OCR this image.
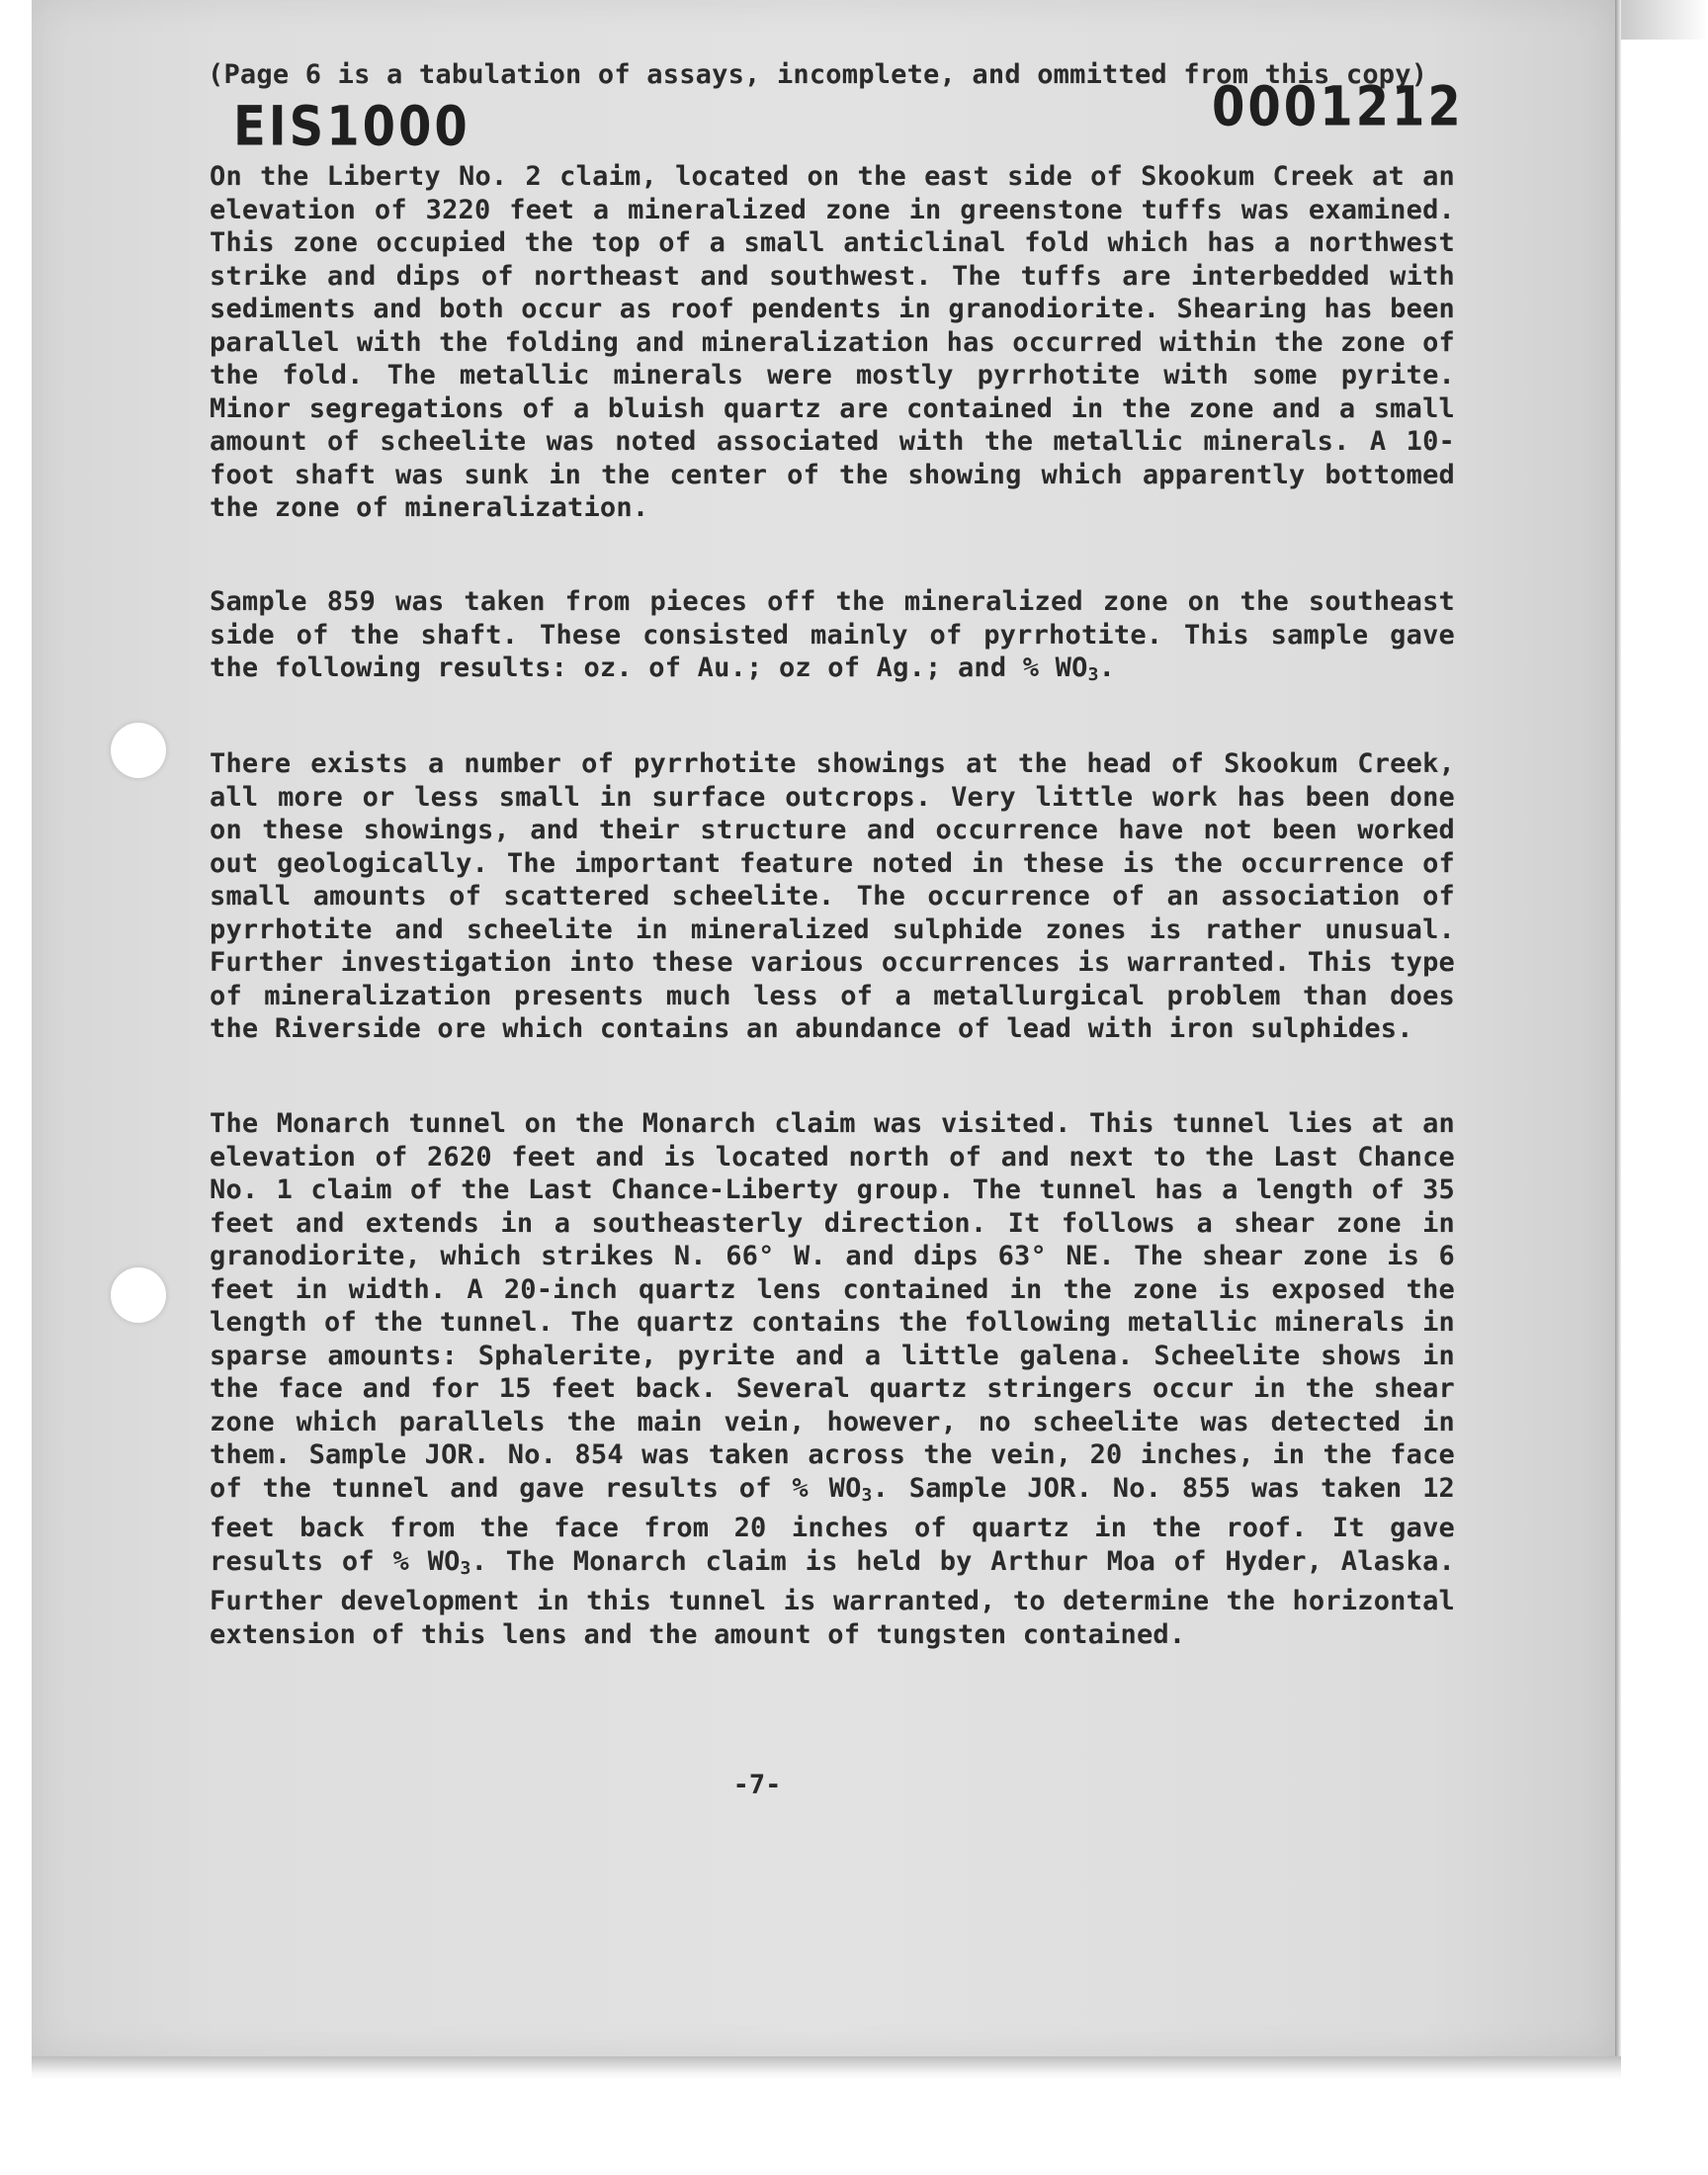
(Page 6 is a tabulation of assays, incomplete, and ommitted from this copy)
EIS1000	0001212

On the Liberty No. 2 claim, located on the east side of Skookum Creek at an elevation of 3220 feet a mineralized zone in greenstone tuffs was examined. This zone occupied the top of a small anticlinal fold which has a northwest strike and dips of northeast and southwest. The tuffs are interbedded with sediments and both occur as roof pendents in granodiorite. Shearing has been parallel with the folding and mineralization has occurred within the zone of the fold. The metallic minerals were mostly pyrrhotite with some pyrite. Minor segregations of a bluish quartz are contained in the zone and a small amount of scheelite was noted associated with the metallic minerals. A 10-foot shaft was sunk in the center of the showing which apparently bottomed the zone of mineralization.

Sample 859 was taken from pieces off the mineralized zone on the southeast side of the shaft. These consisted mainly of pyrrhotite. This sample gave the following results: oz. of Au.; oz of Ag.; and % $WO_3$.

There exists a number of pyrrhotite showings at the head of Skookum Creek, all more or less small in surface outcrops. Very little work has been done on these showings, and their structure and occurrence have not been worked out geologically. The important feature noted in these is the occurrence of small amounts of scattered scheelite. The occurrence of an association of pyrrhotite and scheelite in mineralized sulphide zones is rather unusual. Further investigation into these various occurrences is warranted. This type of mineralization presents much less of a metallurgical problem than does the Riverside ore which contains an abundance of lead with iron sulphides.

The Monarch tunnel on the Monarch claim was visited. This tunnel lies at an elevation of 2620 feet and is located north of and next to the Last Chance No. 1 claim of the Last Chance-Liberty group. The tunnel has a length of 35 feet and extends in a southeasterly direction. It follows a shear zone in granodiorite, which strikes N. 66° W. and dips 63° NE. The shear zone is 6 feet in width. A 20-inch quartz lens contained in the zone is exposed the length of the tunnel. The quartz contains the following metallic minerals in sparse amounts: Sphalerite, pyrite and a little galena. Scheelite shows in the face and for 15 feet back. Several quartz stringers occur in the shear zone which parallels the main vein, however, no scheelite was detected in them. Sample JOR. No. 854 was taken across the vein, 20 inches, in the face of the tunnel and gave results of % $WO_3$. Sample JOR. No. 855 was taken 12 feet back from the face from 20 inches of quartz in the roof. It gave results of % $WO_3$. The Monarch claim is held by Arthur Moa of Hyder, Alaska. Further development in this tunnel is warranted, to determine the horizontal extension of this lens and the amount of tungsten contained.

-7-
